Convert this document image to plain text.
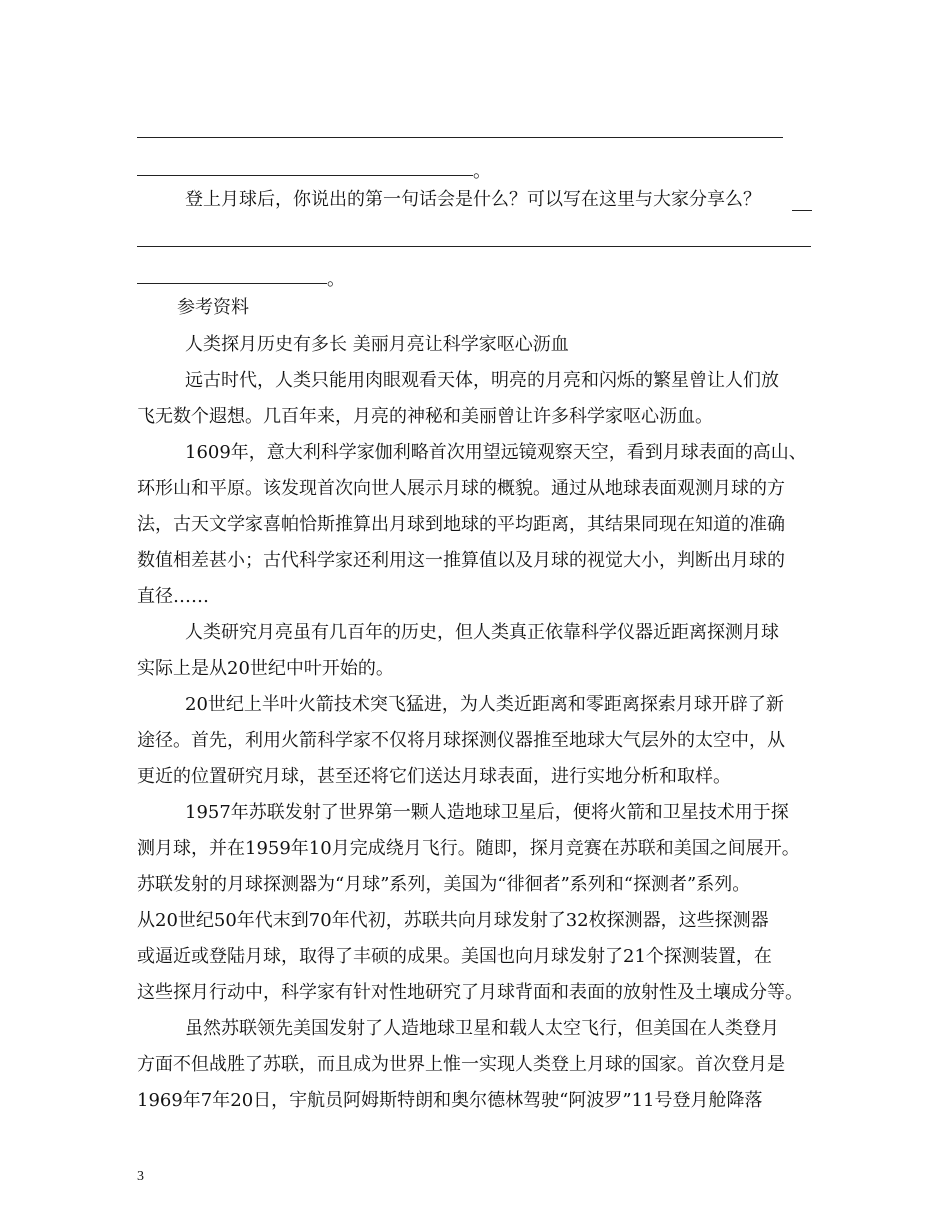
。
登上月球后，你说出的第一句话会是什么？可以写在这里与大家分享么？
。
参考资料
人类探月历史有多长 美丽月亮让科学家呕心沥血
远古时代，人类只能用肉眼观看天体，明亮的月亮和闪烁的繁星曾让人们放
飞无数个遐想。几百年来，月亮的神秘和美丽曾让许多科学家呕心沥血。
1609年，意大利科学家伽利略首次用望远镜观察天空，看到月球表面的高山、
环形山和平原。该发现首次向世人展示月球的概貌。通过从地球表面观测月球的方
法，古天文学家喜帕恰斯推算出月球到地球的平均距离，其结果同现在知道的准确
数值相差甚小；古代科学家还利用这一推算值以及月球的视觉大小，判断出月球的
直径……
人类研究月亮虽有几百年的历史，但人类真正依靠科学仪器近距离探测月球
实际上是从20世纪中叶开始的。
20世纪上半叶火箭技术突飞猛进，为人类近距离和零距离探索月球开辟了新
途径。首先，利用火箭科学家不仅将月球探测仪器推至地球大气层外的太空中，从
更近的位置研究月球，甚至还将它们送达月球表面，进行实地分析和取样。
1957年苏联发射了世界第一颗人造地球卫星后，便将火箭和卫星技术用于探
测月球，并在1959年10月完成绕月飞行。随即，探月竞赛在苏联和美国之间展开。
苏联发射的月球探测器为“月球”系列，美国为“徘徊者”系列和“探测者”系列。
从20世纪50年代末到70年代初，苏联共向月球发射了32枚探测器，这些探测器
或逼近或登陆月球，取得了丰硕的成果。美国也向月球发射了21个探测装置，在
这些探月行动中，科学家有针对性地研究了月球背面和表面的放射性及土壤成分等。
虽然苏联领先美国发射了人造地球卫星和载人太空飞行，但美国在人类登月
方面不但战胜了苏联，而且成为世界上惟一实现人类登上月球的国家。首次登月是
1969年7年20日，宇航员阿姆斯特朗和奥尔德林驾驶“阿波罗”11号登月舱降落
3
